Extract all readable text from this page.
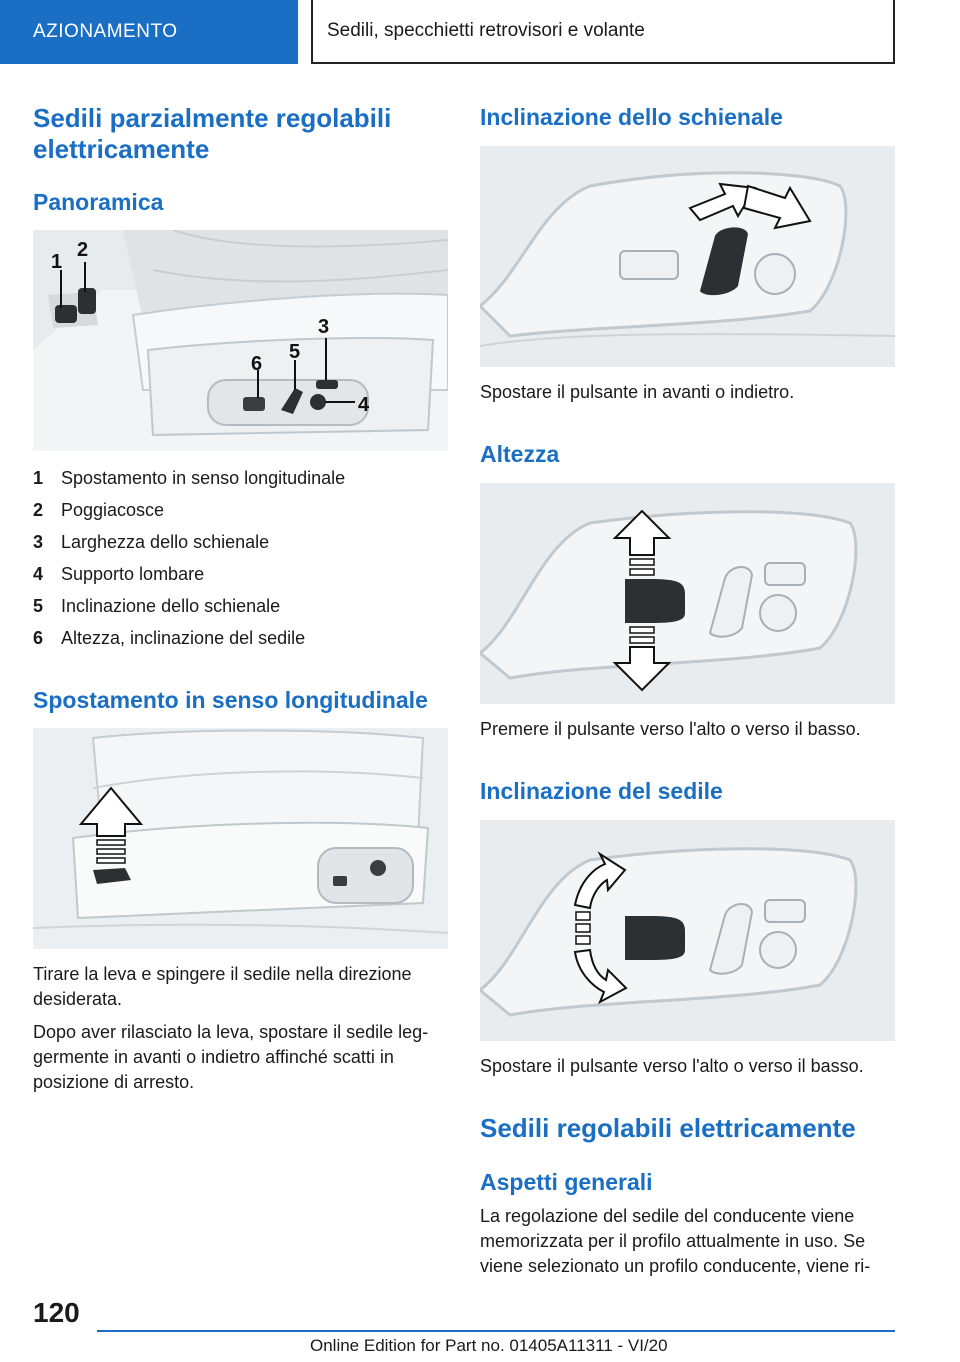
AZIONAMENTO	Sedili, specchietti retrovisori e volante
Sedili parzialmente regolabili elettricamente
Panoramica
1
2
3
4
5
6
1 Spostamento in senso longitudinale
2 Poggiacosce
3 Larghezza dello schienale
4 Supporto lombare
5 Inclinazione dello schienale
6 Altezza, inclinazione del sedile
Spostamento in senso longitudinale

Tirare la leva e spingere il sedile nella direzione desiderata.

Dopo aver rilasciato la leva, spostare il sedile leggermente in avanti o indietro affinché scatti in posizione di arresto.

Inclinazione dello schienale

Spostare il pulsante in avanti o indietro.

Altezza

Premere il pulsante verso l'alto o verso il basso.

Inclinazione del sedile

Spostare il pulsante verso l'alto o verso il basso.

Sedili regolabili elettricamente
Aspetti generali

La regolazione del sedile del conducente viene memorizzata per il profilo attualmente in uso. Se viene selezionato un profilo conducente, viene ri-

120
Online Edition for Part no. 01405A11311 - VI/20
